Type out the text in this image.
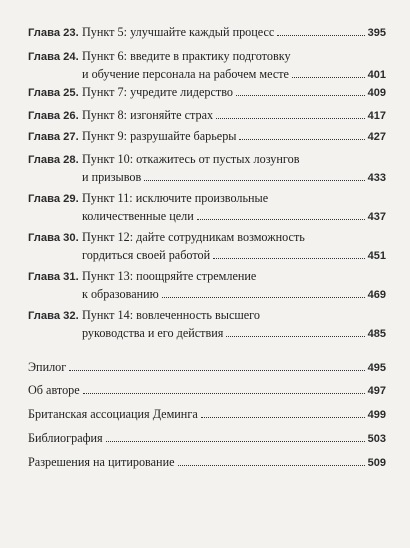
Глава 23. Пункт 5: улучшайте каждый процесс	395
Глава 24. Пункт 6: введите в практику подготовку
и обучение персонала на рабочем месте	401
Глава 25. Пункт 7: учредите лидерство	409
Глава 26. Пункт 8: изгоняйте страх	417
Глава 27. Пункт 9: разрушайте барьеры	427
Глава 28. Пункт 10: откажитесь от пустых лозунгов
и призывов	433
Глава 29. Пункт 11: исключите произвольные
количественные цели	437
Глава 30. Пункт 12: дайте сотрудникам возможность
гордиться своей работой	451
Глава 31. Пункт 13: поощряйте стремление
к образованию	469
Глава 32. Пункт 14: вовлеченность высшего
руководства и его действия	485
Эпилог	495
Об авторе	497
Британская ассоциация Деминга	499
Библиография	503
Разрешения на цитирование	509
